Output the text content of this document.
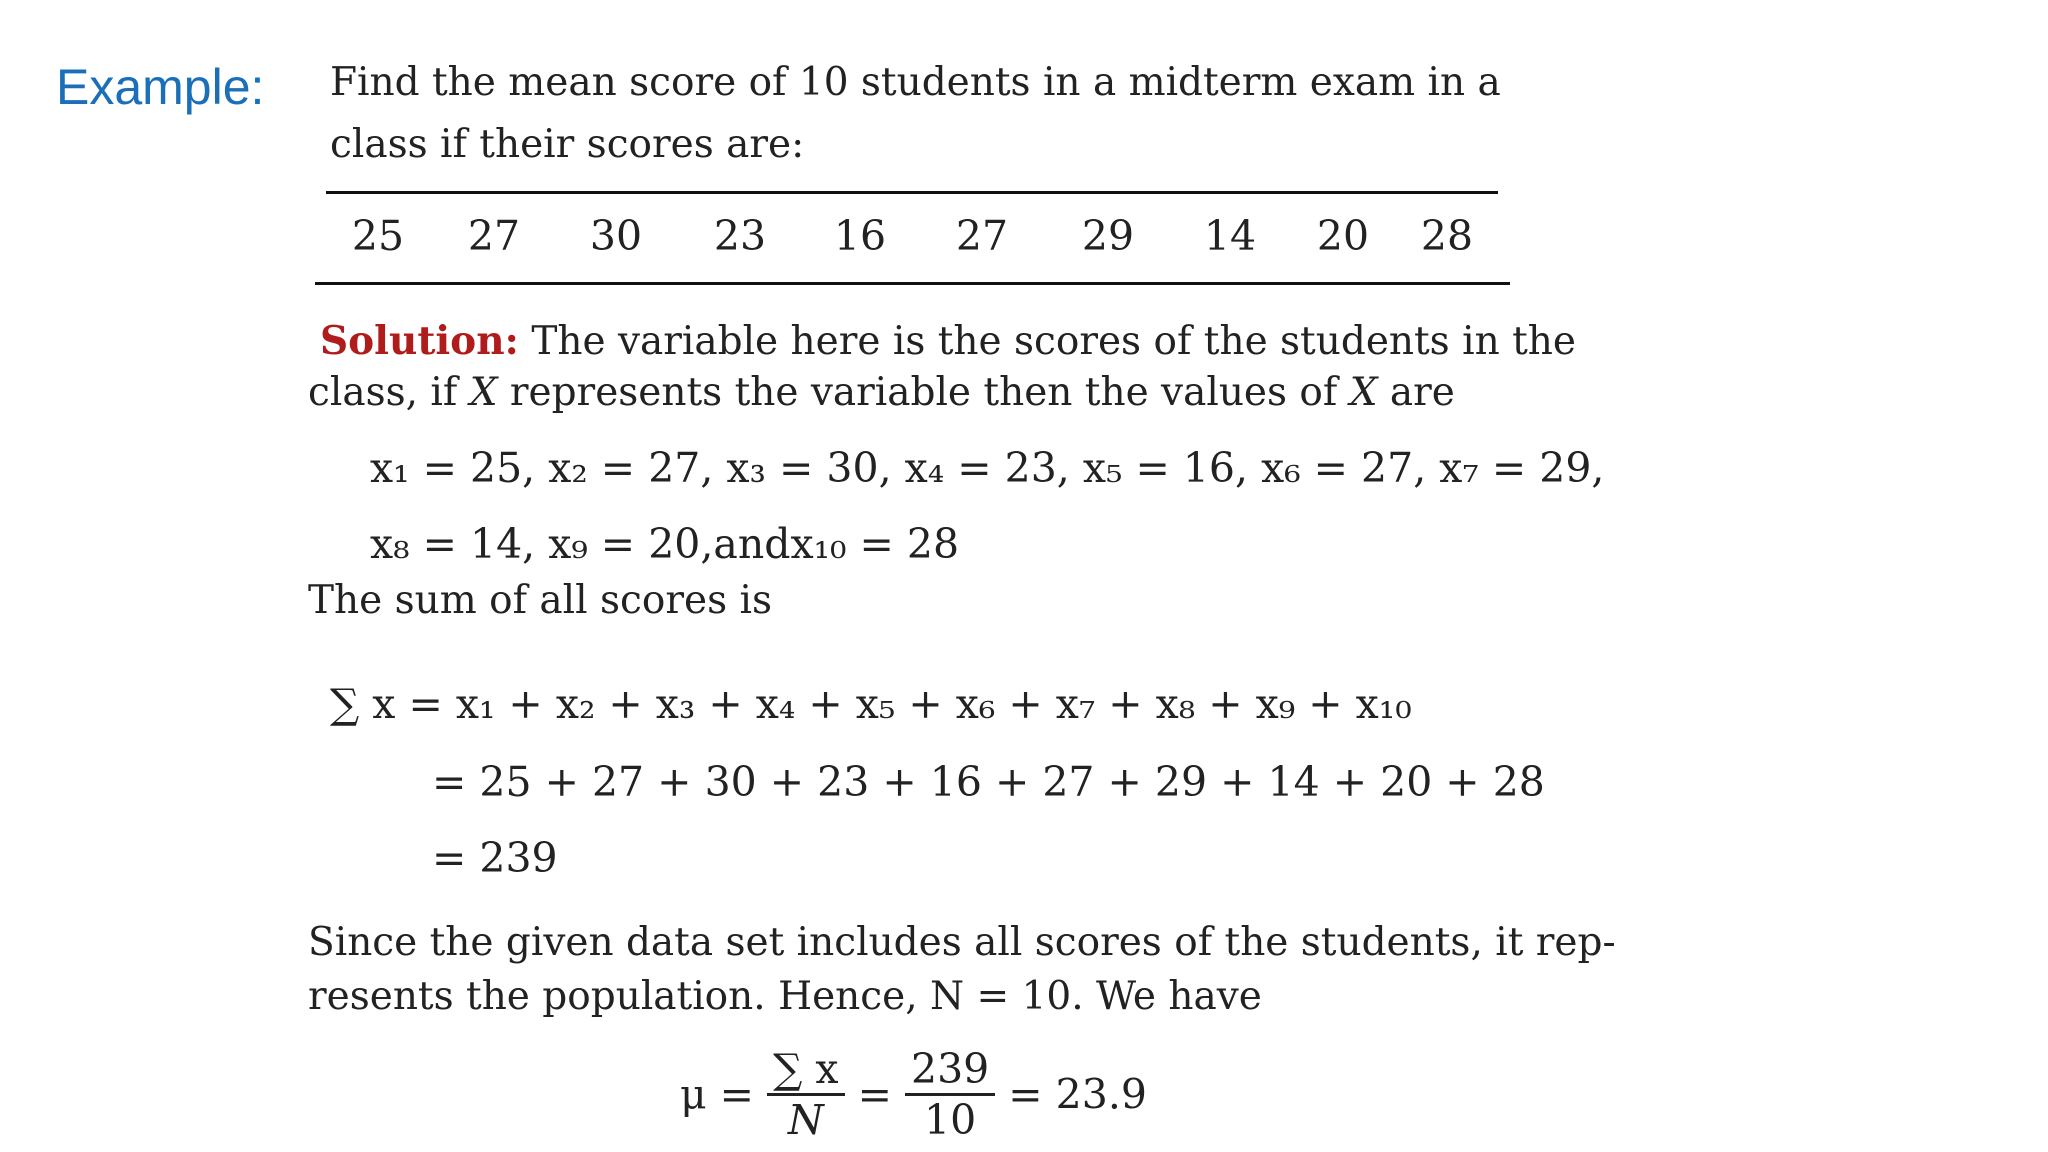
Example: Find the mean score of 10 students in a midterm exam in a
class if their scores are:
25	27	30	23	16	27	29	14	20	28
Solution: The variable here is the scores of the students in the
class, if X represents the variable then the values of X are
x₁ = 25, x₂ = 27, x₃ = 30, x₄ = 23, x₅ = 16, x₆ = 27, x₇ = 29,
x₈ = 14, x₉ = 20,andx₁₀ = 28
The sum of all scores is
∑ x = x₁ + x₂ + x₃ + x₄ + x₅ + x₆ + x₇ + x₈ + x₉ + x₁₀
= 25 + 27 + 30 + 23 + 16 + 27 + 29 + 14 + 20 + 28
= 239
Since the given data set includes all scores of the students, it rep-
resents the population. Hence, N = 10. We have
$\mu = \frac{\sum x}{N} = \frac{239}{10} = 23.9$
